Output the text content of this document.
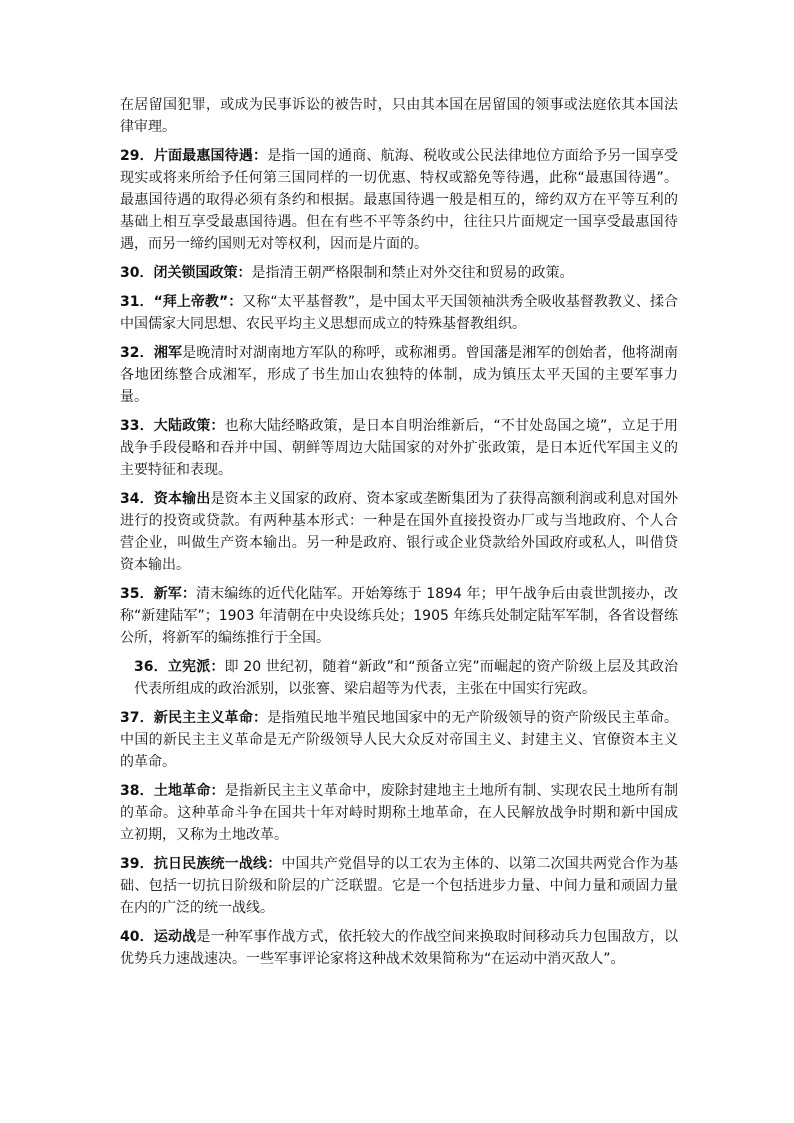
在居留国犯罪，或成为民事诉讼的被告时，只由其本国在居留国的领事或法庭依其本国法律审理。

29．片面最惠国待遇：是指一国的通商、航海、税收或公民法律地位方面给予另一国享受现实或将来所给予任何第三国同样的一切优惠、特权或豁免等待遇，此称“最惠国待遇”。最惠国待遇的取得必须有条约和根据。最惠国待遇一般是相互的，缔约双方在平等互利的基础上相互享受最惠国待遇。但在有些不平等条约中，往往只片面规定一国享受最惠国待遇，而另一缔约国则无对等权利，因而是片面的。

30．闭关锁国政策：是指清王朝严格限制和禁止对外交往和贸易的政策。

31．“拜上帝教”：又称“太平基督教”，是中国太平天国领袖洪秀全吸收基督教教义、揉合中国儒家大同思想、农民平均主义思想而成立的特殊基督教组织。

32．湘军是晚清时对湖南地方军队的称呼，或称湘勇。曾国藩是湘军的创始者，他将湖南各地团练整合成湘军，形成了书生加山农独特的体制，成为镇压太平天国的主要军事力量。

33．大陆政策：也称大陆经略政策，是日本自明治维新后，“不甘处岛国之境”，立足于用战争手段侵略和吞并中国、朝鲜等周边大陆国家的对外扩张政策，是日本近代军国主义的主要特征和表现。

34．资本输出是资本主义国家的政府、资本家或垄断集团为了获得高额利润或利息对国外进行的投资或贷款。有两种基本形式：一种是在国外直接投资办厂或与当地政府、个人合营企业，叫做生产资本输出。另一种是政府、银行或企业贷款给外国政府或私人，叫借贷资本输出。

35．新军：清末编练的近代化陆军。开始筹练于 1894 年；甲午战争后由袁世凯接办，改称“新建陆军”；1903 年清朝在中央设练兵处；1905 年练兵处制定陆军军制，各省设督练公所，将新军的编练推行于全国。

36．立宪派：即 20 世纪初，随着“新政”和“预备立宪”而崛起的资产阶级上层及其政治代表所组成的政治派别，以张謇、梁启超等为代表，主张在中国实行宪政。

37．新民主主义革命：是指殖民地半殖民地国家中的无产阶级领导的资产阶级民主革命。中国的新民主主义革命是无产阶级领导人民大众反对帝国主义、封建主义、官僚资本主义的革命。

38．土地革命：是指新民主主义革命中，废除封建地主土地所有制、实现农民土地所有制的革命。这种革命斗争在国共十年对峙时期称土地革命，在人民解放战争时期和新中国成立初期，又称为土地改革。

39．抗日民族统一战线：中国共产党倡导的以工农为主体的、以第二次国共两党合作为基础、包括一切抗日阶级和阶层的广泛联盟。它是一个包括进步力量、中间力量和顽固力量在内的广泛的统一战线。

40．运动战是一种军事作战方式，依托较大的作战空间来换取时间移动兵力包围敌方，以优势兵力速战速决。一些军事评论家将这种战术效果简称为“在运动中消灭敌人”。
